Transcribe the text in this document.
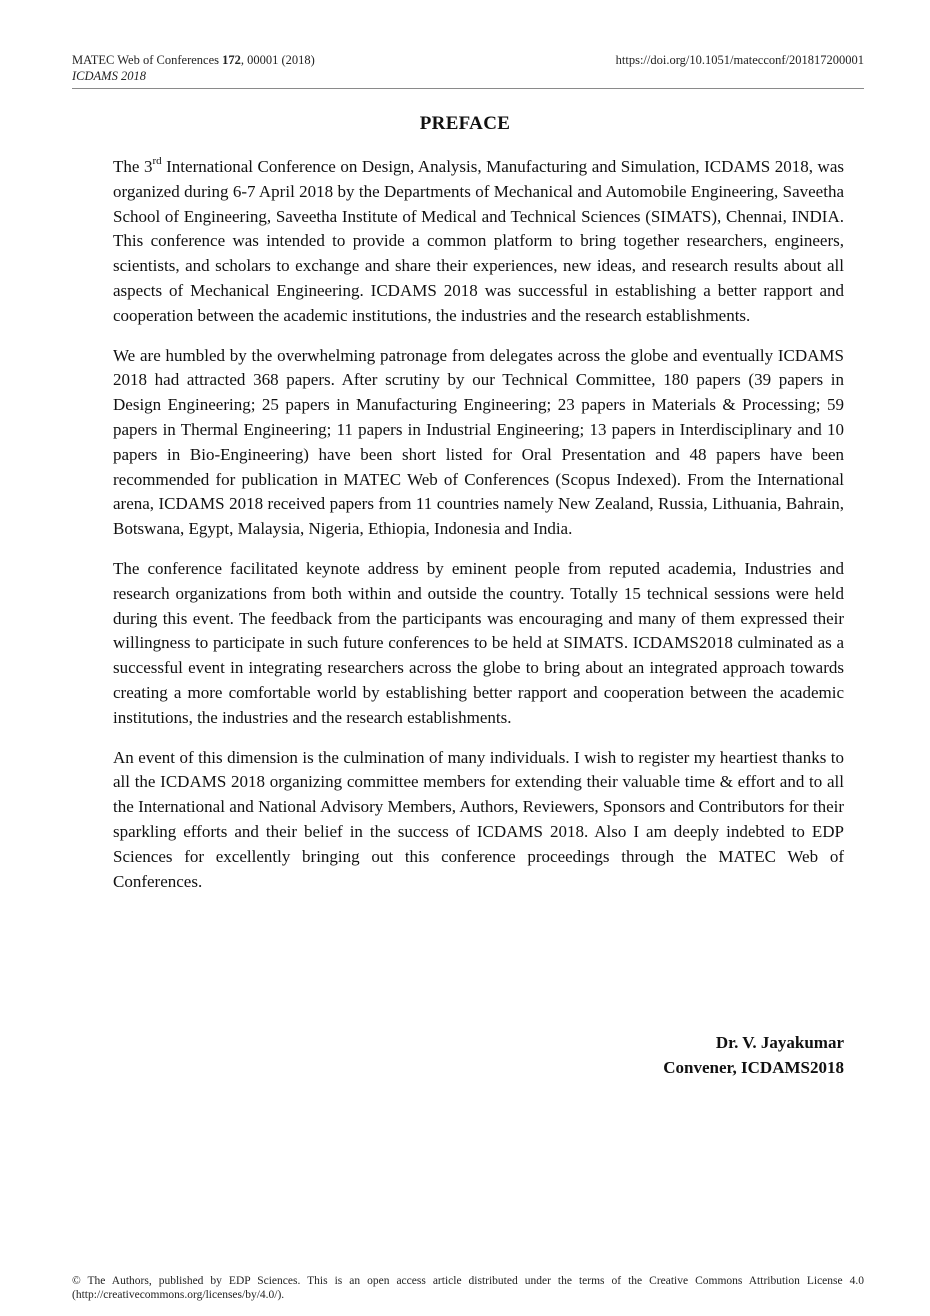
MATEC Web of Conferences 172, 00001 (2018)
ICDAMS 2018
https://doi.org/10.1051/matecconf/201817200001
PREFACE

The 3rd International Conference on Design, Analysis, Manufacturing and Simulation, ICDAMS 2018, was organized during 6-7 April 2018 by the Departments of Mechanical and Automobile Engineering, Saveetha School of Engineering, Saveetha Institute of Medical and Technical Sciences (SIMATS), Chennai, INDIA. This conference was intended to provide a common platform to bring together researchers, engineers, scientists, and scholars to exchange and share their experiences, new ideas, and research results about all aspects of Mechanical Engineering. ICDAMS 2018 was successful in establishing a better rapport and cooperation between the academic institutions, the industries and the research establishments.

We are humbled by the overwhelming patronage from delegates across the globe and eventually ICDAMS 2018 had attracted 368 papers. After scrutiny by our Technical Committee, 180 papers (39 papers in Design Engineering; 25 papers in Manufacturing Engineering; 23 papers in Materials & Processing; 59 papers in Thermal Engineering; 11 papers in Industrial Engineering; 13 papers in Interdisciplinary and 10 papers in Bio-Engineering) have been short listed for Oral Presentation and 48 papers have been recommended for publication in MATEC Web of Conferences (Scopus Indexed). From the International arena, ICDAMS 2018 received papers from 11 countries namely New Zealand, Russia, Lithuania, Bahrain, Botswana, Egypt, Malaysia, Nigeria, Ethiopia, Indonesia and India.

The conference facilitated keynote address by eminent people from reputed academia, Industries and research organizations from both within and outside the country. Totally 15 technical sessions were held during this event. The feedback from the participants was encouraging and many of them expressed their willingness to participate in such future conferences to be held at SIMATS. ICDAMS2018 culminated as a successful event in integrating researchers across the globe to bring about an integrated approach towards creating a more comfortable world by establishing better rapport and cooperation between the academic institutions, the industries and the research establishments.

An event of this dimension is the culmination of many individuals. I wish to register my heartiest thanks to all the ICDAMS 2018 organizing committee members for extending their valuable time & effort and to all the International and National Advisory Members, Authors, Reviewers, Sponsors and Contributors for their sparkling efforts and their belief in the success of ICDAMS 2018. Also I am deeply indebted to EDP Sciences for excellently bringing out this conference proceedings through the MATEC Web of Conferences.

Dr. V. Jayakumar
Convener, ICDAMS2018
© The Authors, published by EDP Sciences. This is an open access article distributed under the terms of the Creative Commons Attribution License 4.0 (http://creativecommons.org/licenses/by/4.0/).
